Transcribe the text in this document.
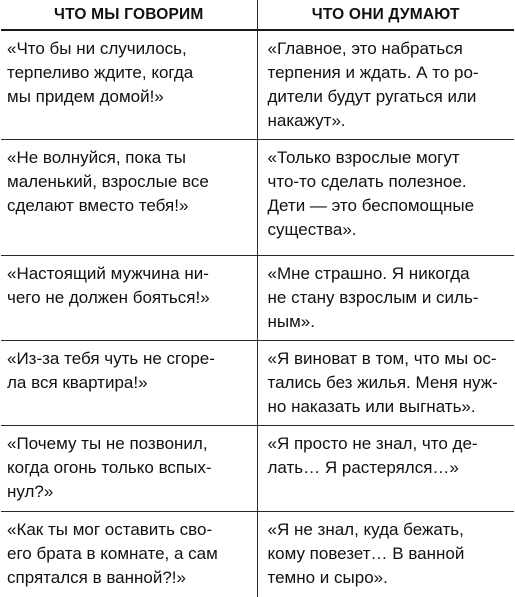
ЧТО МЫ ГОВОРИМ	ЧТО ОНИ ДУМАЮТ
«Что бы ни случилось,
терпеливо ждите, когда
мы придем домой!»	«Главное, это набраться
терпения и ждать. А то ро-
дители будут ругаться или
накажут».
«Не волнуйся, пока ты
маленький, взрослые все
сделают вместо тебя!»	«Только взрослые могут
что-то сделать полезное.
Дети — это беспомощные
существа».
«Настоящий мужчина ни-
чего не должен бояться!»	«Мне страшно. Я никогда
не стану взрослым и силь-
ным».
«Из-за тебя чуть не сгоре-
ла вся квартира!»	«Я виноват в том, что мы ос-
тались без жилья. Меня нуж-
но наказать или выгнать».
«Почему ты не позвонил,
когда огонь только вспых-
нул?»	«Я просто не знал, что де-
лать… Я растерялся…»
«Как ты мог оставить сво-
его брата в комнате, а сам
спрятался в ванной?!»	«Я не знал, куда бежать,
кому повезет… В ванной
темно и сыро».
